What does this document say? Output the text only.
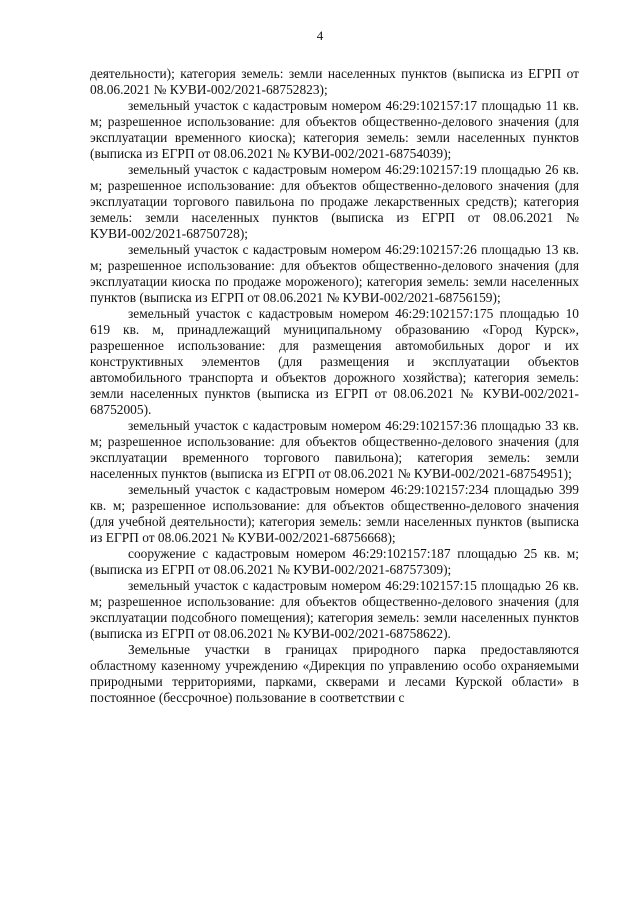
4

деятельности); категория земель: земли населенных пунктов (выписка из ЕГРП от 08.06.2021 № КУВИ-002/2021-68752823);

земельный участок с кадастровым номером 46:29:102157:17 площадью 11 кв. м; разрешенное использование: для объектов общественно-делового значения (для эксплуатации временного киоска); категория земель: земли населенных пунктов (выписка из ЕГРП от 08.06.2021 № КУВИ-002/2021-68754039);

земельный участок с кадастровым номером 46:29:102157:19 площадью 26 кв. м; разрешенное использование: для объектов общественно-делового значения (для эксплуатации торгового павильона по продаже лекарственных средств); категория земель: земли населенных пунктов (выписка из ЕГРП от 08.06.2021 № КУВИ-002/2021-68750728);

земельный участок с кадастровым номером 46:29:102157:26 площадью 13 кв. м; разрешенное использование: для объектов общественно-делового значения (для эксплуатации киоска по продаже мороженого); категория земель: земли населенных пунктов (выписка из ЕГРП от 08.06.2021 № КУВИ-002/2021-68756159);

земельный участок с кадастровым номером 46:29:102157:175 площадью 10 619 кв. м, принадлежащий муниципальному образованию «Город Курск», разрешенное использование: для размещения автомобильных дорог и их конструктивных элементов (для размещения и эксплуатации объектов автомобильного транспорта и объектов дорожного хозяйства); категория земель: земли населенных пунктов (выписка из ЕГРП от 08.06.2021 № КУВИ-002/2021-68752005).

земельный участок с кадастровым номером 46:29:102157:36 площадью 33 кв. м; разрешенное использование: для объектов общественно-делового значения (для эксплуатации временного торгового павильона); категория земель: земли населенных пунктов (выписка из ЕГРП от 08.06.2021 № КУВИ-002/2021-68754951);

земельный участок с кадастровым номером 46:29:102157:234 площадью 399 кв. м; разрешенное использование: для объектов общественно-делового значения (для учебной деятельности); категория земель: земли населенных пунктов (выписка из ЕГРП от 08.06.2021 № КУВИ-002/2021-68756668);

сооружение с кадастровым номером 46:29:102157:187 площадью 25 кв. м; (выписка из ЕГРП от 08.06.2021 № КУВИ-002/2021-68757309);

земельный участок с кадастровым номером 46:29:102157:15 площадью 26 кв. м; разрешенное использование: для объектов общественно-делового значения (для эксплуатации подсобного помещения); категория земель: земли населенных пунктов (выписка из ЕГРП от 08.06.2021 № КУВИ-002/2021-68758622).

Земельные участки в границах природного парка предоставляются областному казенному учреждению «Дирекция по управлению особо охраняемыми природными территориями, парками, скверами и лесами Курской области» в постоянное (бессрочное) пользование в соответствии с
